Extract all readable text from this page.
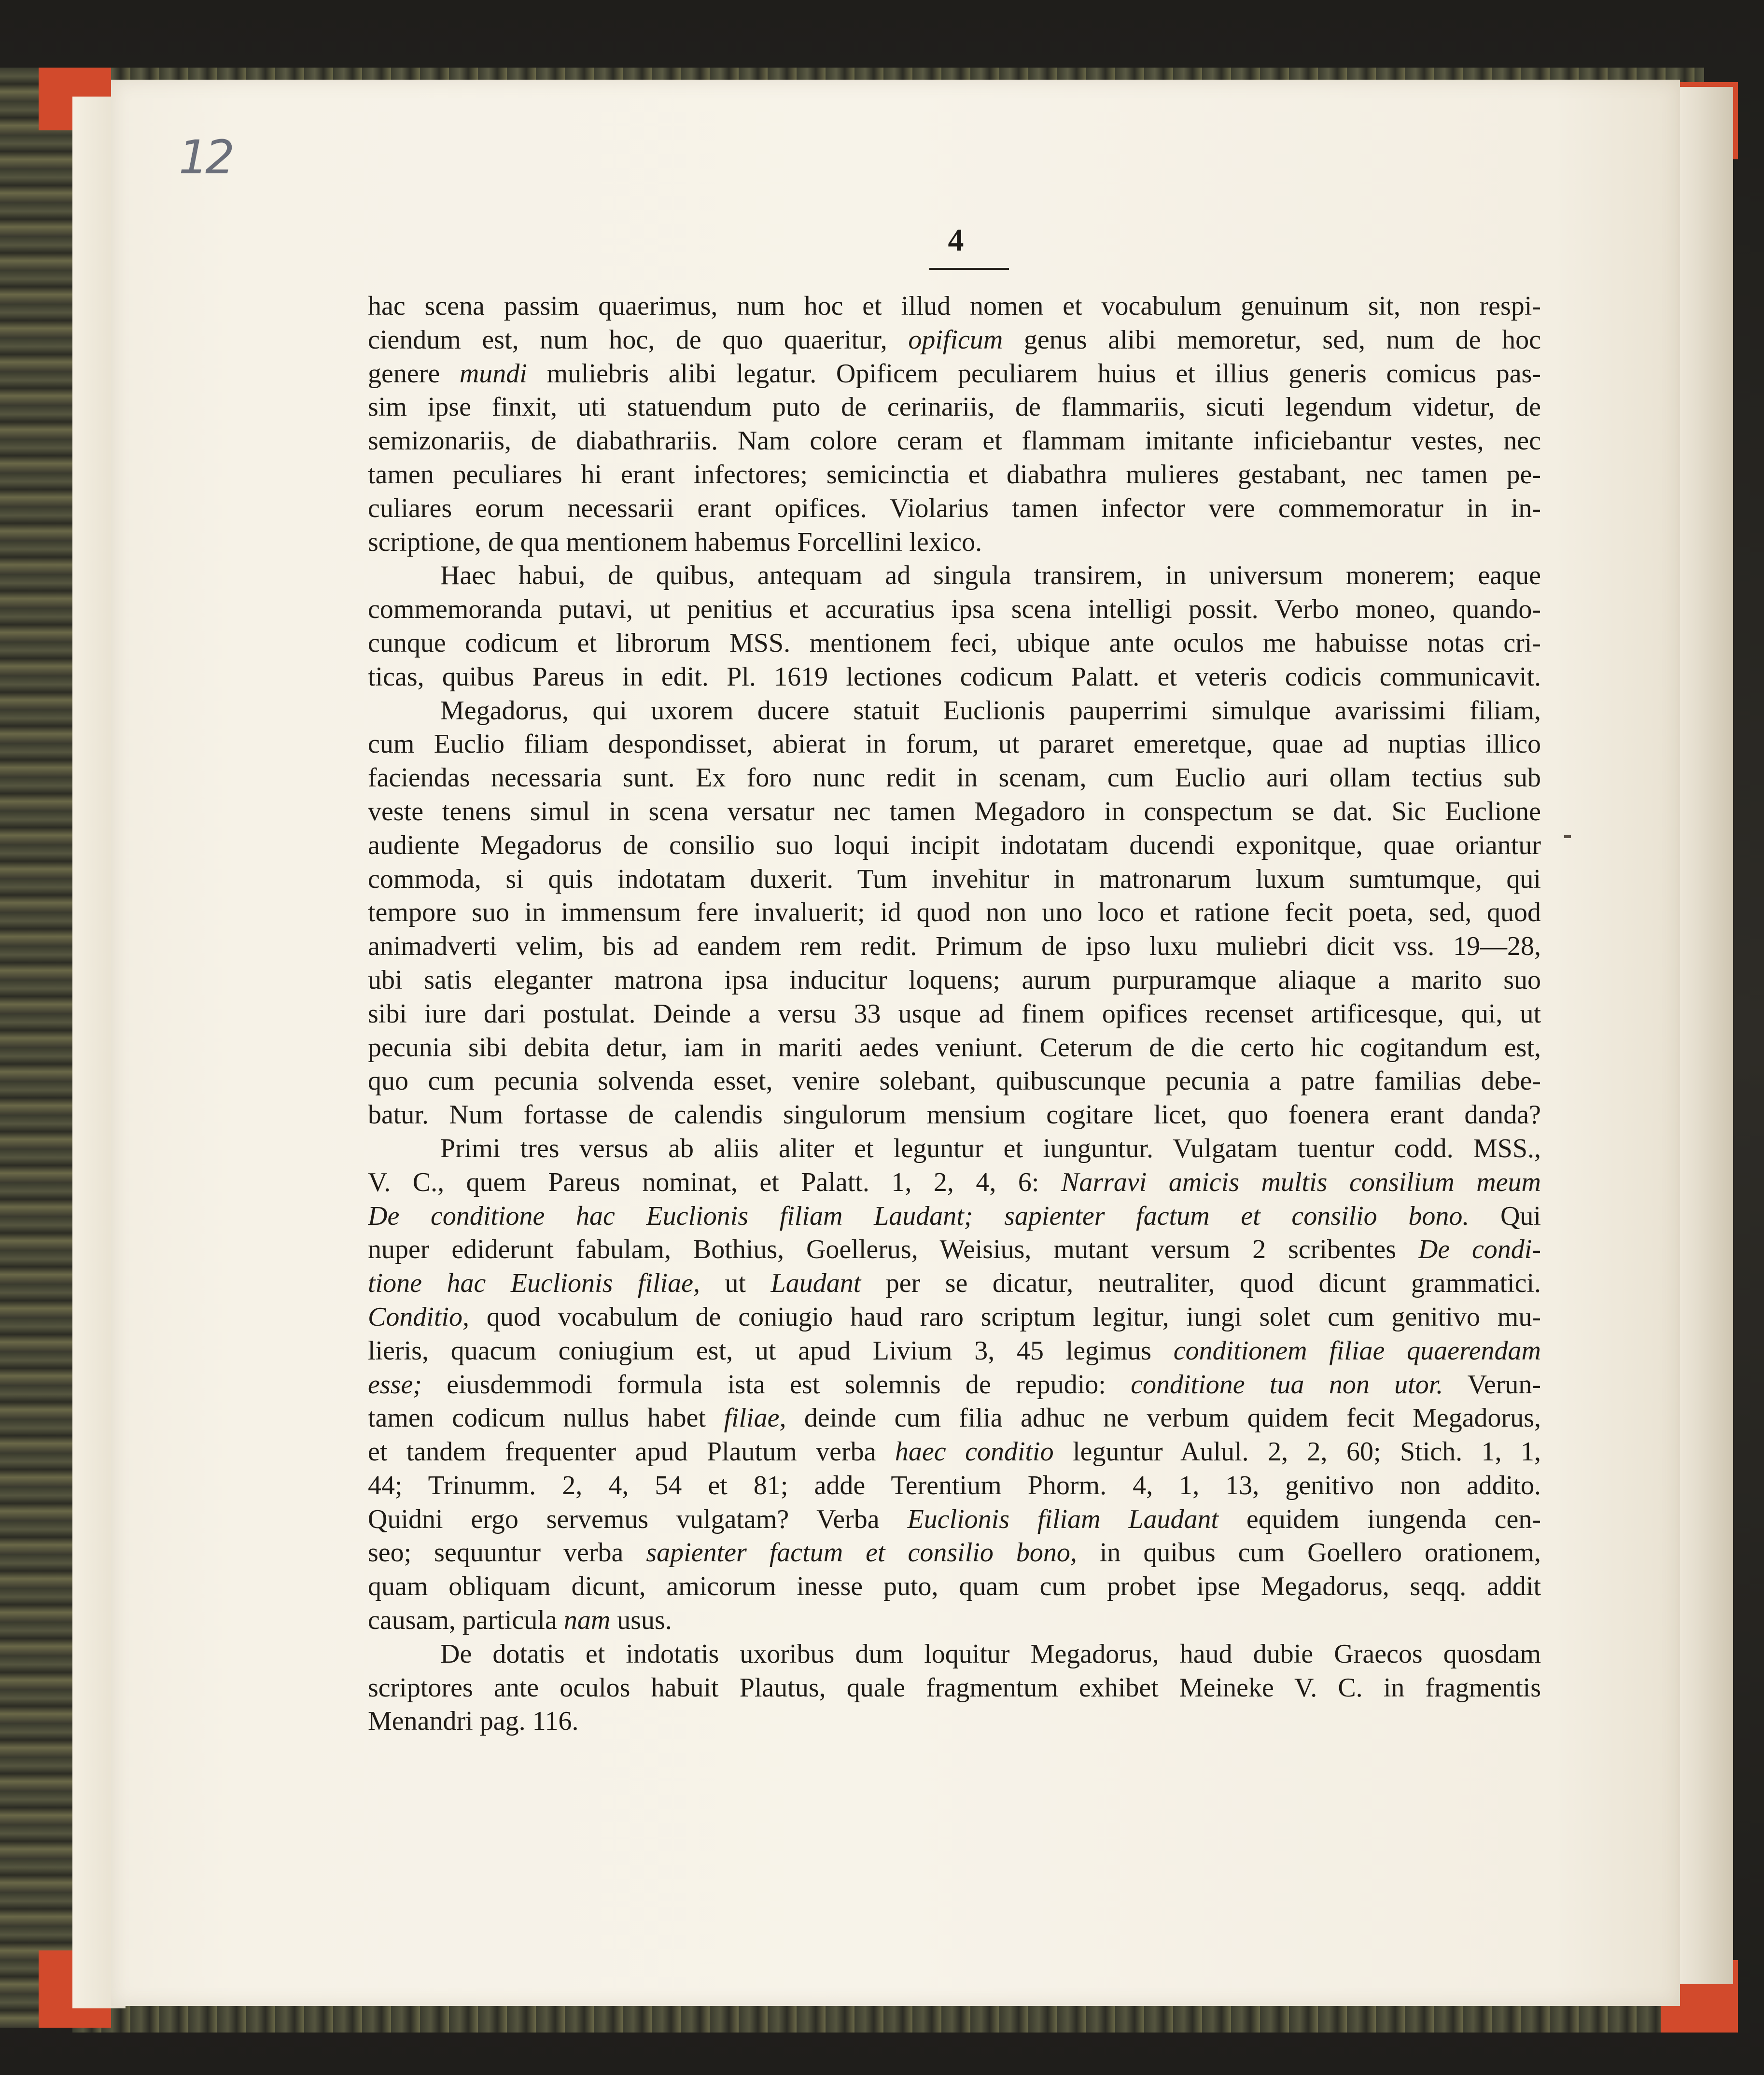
12
4
hac scena passim quaerimus, num hoc et illud nomen et vocabulum genuinum sit, non respi-
ciendum est, num hoc, de quo quaeritur, opificum genus alibi memoretur, sed, num de hoc
genere mundi muliebris alibi legatur. Opificem peculiarem huius et illius generis comicus pas-
sim ipse finxit, uti statuendum puto de cerinariis, de flammariis, sicuti legendum videtur, de
semizonariis, de diabathrariis. Nam colore ceram et flammam imitante inficiebantur vestes, nec
tamen peculiares hi erant infectores; semicinctia et diabathra mulieres gestabant, nec tamen pe-
culiares eorum necessarii erant opifices. Violarius tamen infector vere commemoratur in in-
scriptione, de qua mentionem habemus Forcellini lexico.
Haec habui, de quibus, antequam ad singula transirem, in universum monerem; eaque
commemoranda putavi, ut penitius et accuratius ipsa scena intelligi possit. Verbo moneo, quando-
cunque codicum et librorum MSS. mentionem feci, ubique ante oculos me habuisse notas cri-
ticas, quibus Pareus in edit. Pl. 1619 lectiones codicum Palatt. et veteris codicis communicavit.
Megadorus, qui uxorem ducere statuit Euclionis pauperrimi simulque avarissimi filiam,
cum Euclio filiam despondisset, abierat in forum, ut pararet emeretque, quae ad nuptias illico
faciendas necessaria sunt. Ex foro nunc redit in scenam, cum Euclio auri ollam tectius sub
veste tenens simul in scena versatur nec tamen Megadoro in conspectum se dat. Sic Euclione
audiente Megadorus de consilio suo loqui incipit indotatam ducendi exponitque, quae oriantur
commoda, si quis indotatam duxerit. Tum invehitur in matronarum luxum sumtumque, qui
tempore suo in immensum fere invaluerit; id quod non uno loco et ratione fecit poeta, sed, quod
animadverti velim, bis ad eandem rem redit. Primum de ipso luxu muliebri dicit vss. 19—28,
ubi satis eleganter matrona ipsa inducitur loquens; aurum purpuramque aliaque a marito suo
sibi iure dari postulat. Deinde a versu 33 usque ad finem opifices recenset artificesque, qui, ut
pecunia sibi debita detur, iam in mariti aedes veniunt. Ceterum de die certo hic cogitandum est,
quo cum pecunia solvenda esset, venire solebant, quibuscunque pecunia a patre familias debe-
batur. Num fortasse de calendis singulorum mensium cogitare licet, quo foenera erant danda?
Primi tres versus ab aliis aliter et leguntur et iunguntur. Vulgatam tuentur codd. MSS.,
V. C., quem Pareus nominat, et Palatt. 1, 2, 4, 6: Narravi amicis multis consilium meum
De conditione hac Euclionis filiam Laudant; sapienter factum et consilio bono. Qui
nuper ediderunt fabulam, Bothius, Goellerus, Weisius, mutant versum 2 scribentes De condi-
tione hac Euclionis filiae, ut Laudant per se dicatur, neutraliter, quod dicunt grammatici.
Conditio, quod vocabulum de coniugio haud raro scriptum legitur, iungi solet cum genitivo mu-
lieris, quacum coniugium est, ut apud Livium 3, 45 legimus conditionem filiae quaerendam
esse; eiusdemmodi formula ista est solemnis de repudio: conditione tua non utor. Verun-
tamen codicum nullus habet filiae, deinde cum filia adhuc ne verbum quidem fecit Megadorus,
et tandem frequenter apud Plautum verba haec conditio leguntur Aulul. 2, 2, 60; Stich. 1, 1,
44; Trinumm. 2, 4, 54 et 81; adde Terentium Phorm. 4, 1, 13, genitivo non addito.
Quidni ergo servemus vulgatam? Verba Euclionis filiam Laudant equidem iungenda cen-
seo; sequuntur verba sapienter factum et consilio bono, in quibus cum Goellero orationem,
quam obliquam dicunt, amicorum inesse puto, quam cum probet ipse Megadorus, seqq. addit
causam, particula nam usus.
De dotatis et indotatis uxoribus dum loquitur Megadorus, haud dubie Graecos quosdam
scriptores ante oculos habuit Plautus, quale fragmentum exhibet Meineke V. C. in fragmentis
Menandri pag. 116.
